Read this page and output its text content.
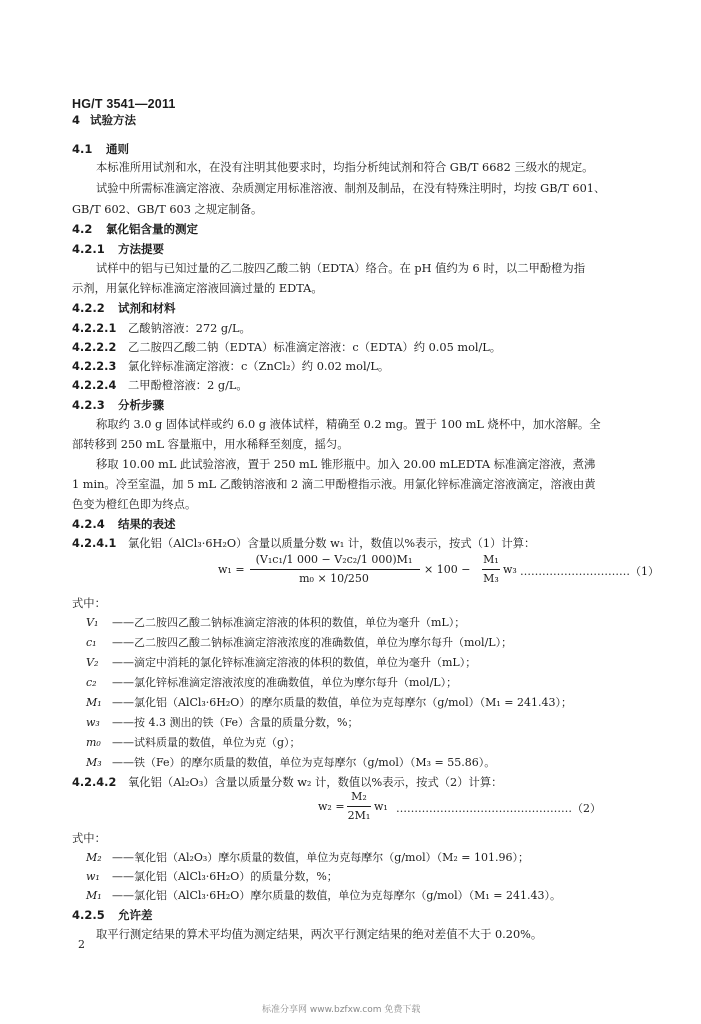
HG/T 3541—2011
4 试验方法
4.1 通则
本标准所用试剂和水，在没有注明其他要求时，均指分析纯试剂和符合 GB/T 6682 三级水的规定。
试验中所需标准滴定溶液、杂质测定用标准溶液、制剂及制品，在没有特殊注明时，均按 GB/T 601、
GB/T 602、GB/T 603 之规定制备。
4.2 氯化铝含量的测定
4.2.1 方法提要
试样中的铝与已知过量的乙二胺四乙酸二钠（EDTA）络合。在 pH 值约为 6 时，以二甲酚橙为指
示剂，用氯化锌标准滴定溶液回滴过量的 EDTA。
4.2.2 试剂和材料
4.2.2.1 乙酸钠溶液：272 g/L。
4.2.2.2 乙二胺四乙酸二钠（EDTA）标准滴定溶液：c（EDTA）约 0.05 mol/L。
4.2.2.3 氯化锌标准滴定溶液：c（ZnCl₂）约 0.02 mol/L。
4.2.2.4 二甲酚橙溶液：2 g/L。
4.2.3 分析步骤
称取约 3.0 g 固体试样或约 6.0 g 液体试样，精确至 0.2 mg。置于 100 mL 烧杯中，加水溶解。全
部转移到 250 mL 容量瓶中，用水稀释至刻度，摇匀。
移取 10.00 mL 此试验溶液，置于 250 mL 锥形瓶中。加入 20.00 mLEDTA 标准滴定溶液，煮沸
1 min。冷至室温，加 5 mL 乙酸钠溶液和 2 滴二甲酚橙指示液。用氯化锌标准滴定溶液滴定，溶液由黄
色变为橙红色即为终点。
4.2.4 结果的表述
4.2.4.1 氯化铝（AlCl₃·6H₂O）含量以质量分数 w₁ 计，数值以%表示，按式（1）计算：
w₁ =
(V₁c₁/1 000 − V₂c₂/1 000)M₁
m₀ × 10/250
× 100 −
M₁
M₃
w₃ …………………………（1）
式中：
V₁ ——乙二胺四乙酸二钠标准滴定溶液的体积的数值，单位为毫升（mL）；
c₁ ——乙二胺四乙酸二钠标准滴定溶液浓度的准确数值，单位为摩尔每升（mol/L）；
V₂ ——滴定中消耗的氯化锌标准滴定溶液的体积的数值，单位为毫升（mL）；
c₂ ——氯化锌标准滴定溶液浓度的准确数值，单位为摩尔每升（mol/L）；
M₁ ——氯化铝（AlCl₃·6H₂O）的摩尔质量的数值，单位为克每摩尔（g/mol）（M₁ = 241.43）；
w₃ ——按 4.3 测出的铁（Fe）含量的质量分数，%；
m₀ ——试料质量的数值，单位为克（g）；
M₃ ——铁（Fe）的摩尔质量的数值，单位为克每摩尔（g/mol）（M₃ = 55.86）。
4.2.4.2 氧化铝（Al₂O₃）含量以质量分数 w₂ 计，数值以%表示，按式（2）计算：
w₂ =
M₂
2M₁
w₁ …………………………………………（2）
式中：
M₂ ——氧化铝（Al₂O₃）摩尔质量的数值，单位为克每摩尔（g/mol）（M₂ = 101.96）；
w₁ ——氯化铝（AlCl₃·6H₂O）的质量分数，%；
M₁ ——氯化铝（AlCl₃·6H₂O）摩尔质量的数值，单位为克每摩尔（g/mol）（M₁ = 241.43）。
4.2.5 允许差
取平行测定结果的算术平均值为测定结果，两次平行测定结果的绝对差值不大于 0.20%。
2
标准分享网 www.bzfxw.com 免费下载
